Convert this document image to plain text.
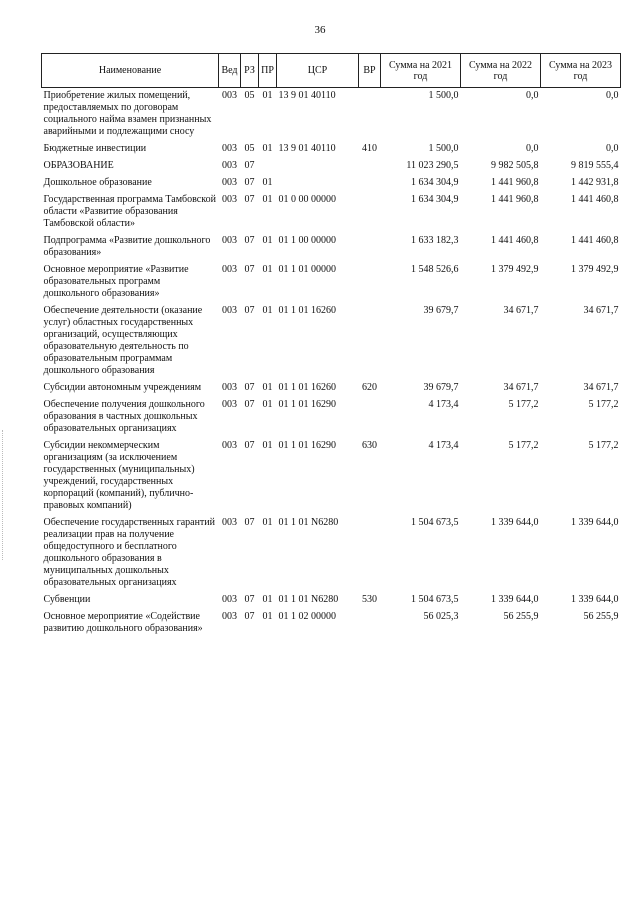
36
Наименование	Вед	РЗ	ПР	ЦСР	ВР	Сумма на 2021 год	Сумма на 2022 год	Сумма на 2023 год
Приобретение жилых помещений, предоставляемых по договорам социального найма взамен признанных аварийными и подлежащими сносу	003	05	01	13 9 01 40110		1 500,0	0,0	0,0
Бюджетные инвестиции	003	05	01	13 9 01 40110	410	1 500,0	0,0	0,0
ОБРАЗОВАНИЕ	003	07				11 023 290,5	9 982 505,8	9 819 555,4
Дошкольное образование	003	07	01			1 634 304,9	1 441 960,8	1 442 931,8
Государственная программа Тамбовской области «Развитие образования Тамбовской области»	003	07	01	01 0 00 00000		1 634 304,9	1 441 960,8	1 441 460,8
Подпрограмма «Развитие дошкольного образования»	003	07	01	01 1 00 00000		1 633 182,3	1 441 460,8	1 441 460,8
Основное мероприятие «Развитие образовательных программ дошкольного образования»	003	07	01	01 1 01 00000		1 548 526,6	1 379 492,9	1 379 492,9
Обеспечение деятельности (оказание услуг) областных государственных организаций, осуществляющих образовательную деятельность по образовательным программам дошкольного образования	003	07	01	01 1 01 16260		39 679,7	34 671,7	34 671,7
Субсидии автономным учреждениям	003	07	01	01 1 01 16260	620	39 679,7	34 671,7	34 671,7
Обеспечение получения дошкольного образования в частных дошкольных образовательных организациях	003	07	01	01 1 01 16290		4 173,4	5 177,2	5 177,2
Субсидии некоммерческим организациям (за исключением государственных (муниципальных) учреждений, государственных корпораций (компаний), публично-правовых компаний)	003	07	01	01 1 01 16290	630	4 173,4	5 177,2	5 177,2
Обеспечение государственных гарантий реализации прав на получение общедоступного и бесплатного дошкольного образования в муниципальных дошкольных образовательных организациях	003	07	01	01 1 01 N6280		1 504 673,5	1 339 644,0	1 339 644,0
Субвенции	003	07	01	01 1 01 N6280	530	1 504 673,5	1 339 644,0	1 339 644,0
Основное мероприятие «Содействие развитию дошкольного образования»	003	07	01	01 1 02 00000		56 025,3	56 255,9	56 255,9
